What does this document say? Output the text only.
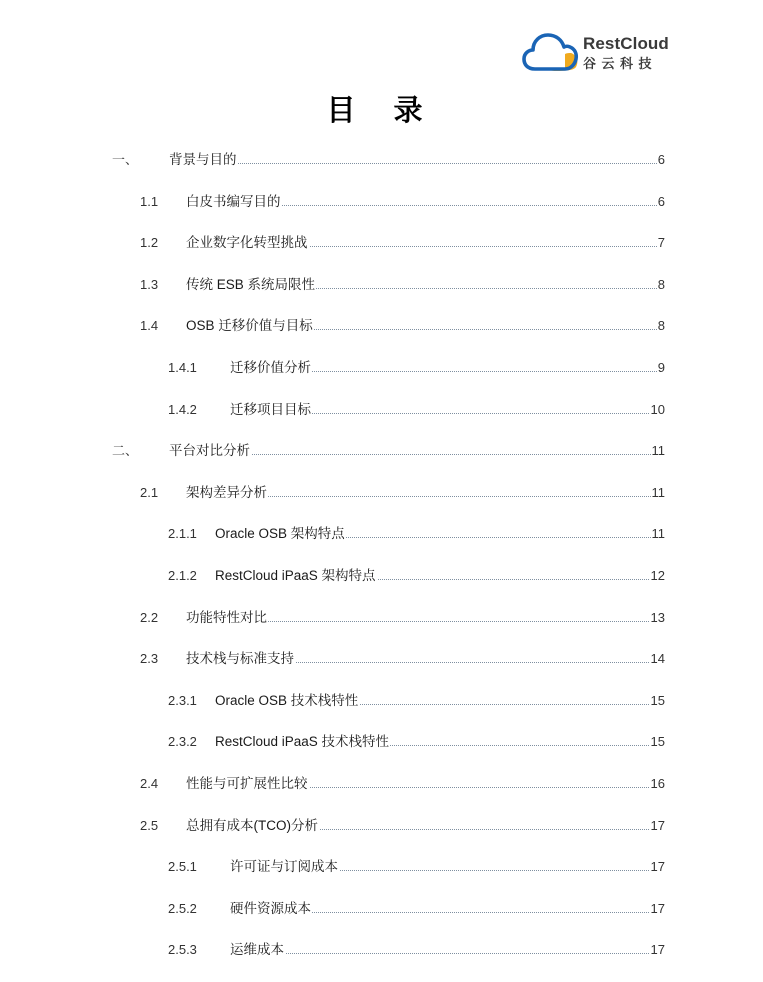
RestCloud
谷云科技
目 录
一、 背景与目的	6
1.1 白皮书编写目的	6
1.2 企业数字化转型挑战	7
1.3 传统 ESB 系统局限性	8
1.4 OSB 迁移价值与目标	8
1.4.1 迁移价值分析	9
1.4.2 迁移项目目标	10
二、 平台对比分析	11
2.1 架构差异分析	11
2.1.1 Oracle OSB 架构特点	11
2.1.2 RestCloud iPaaS 架构特点	12
2.2 功能特性对比	13
2.3 技术栈与标准支持	14
2.3.1 Oracle OSB 技术栈特性	15
2.3.2 RestCloud iPaaS 技术栈特性	15
2.4 性能与可扩展性比较	16
2.5 总拥有成本(TCO)分析	17
2.5.1 许可证与订阅成本	17
2.5.2 硬件资源成本	17
2.5.3 运维成本	17
